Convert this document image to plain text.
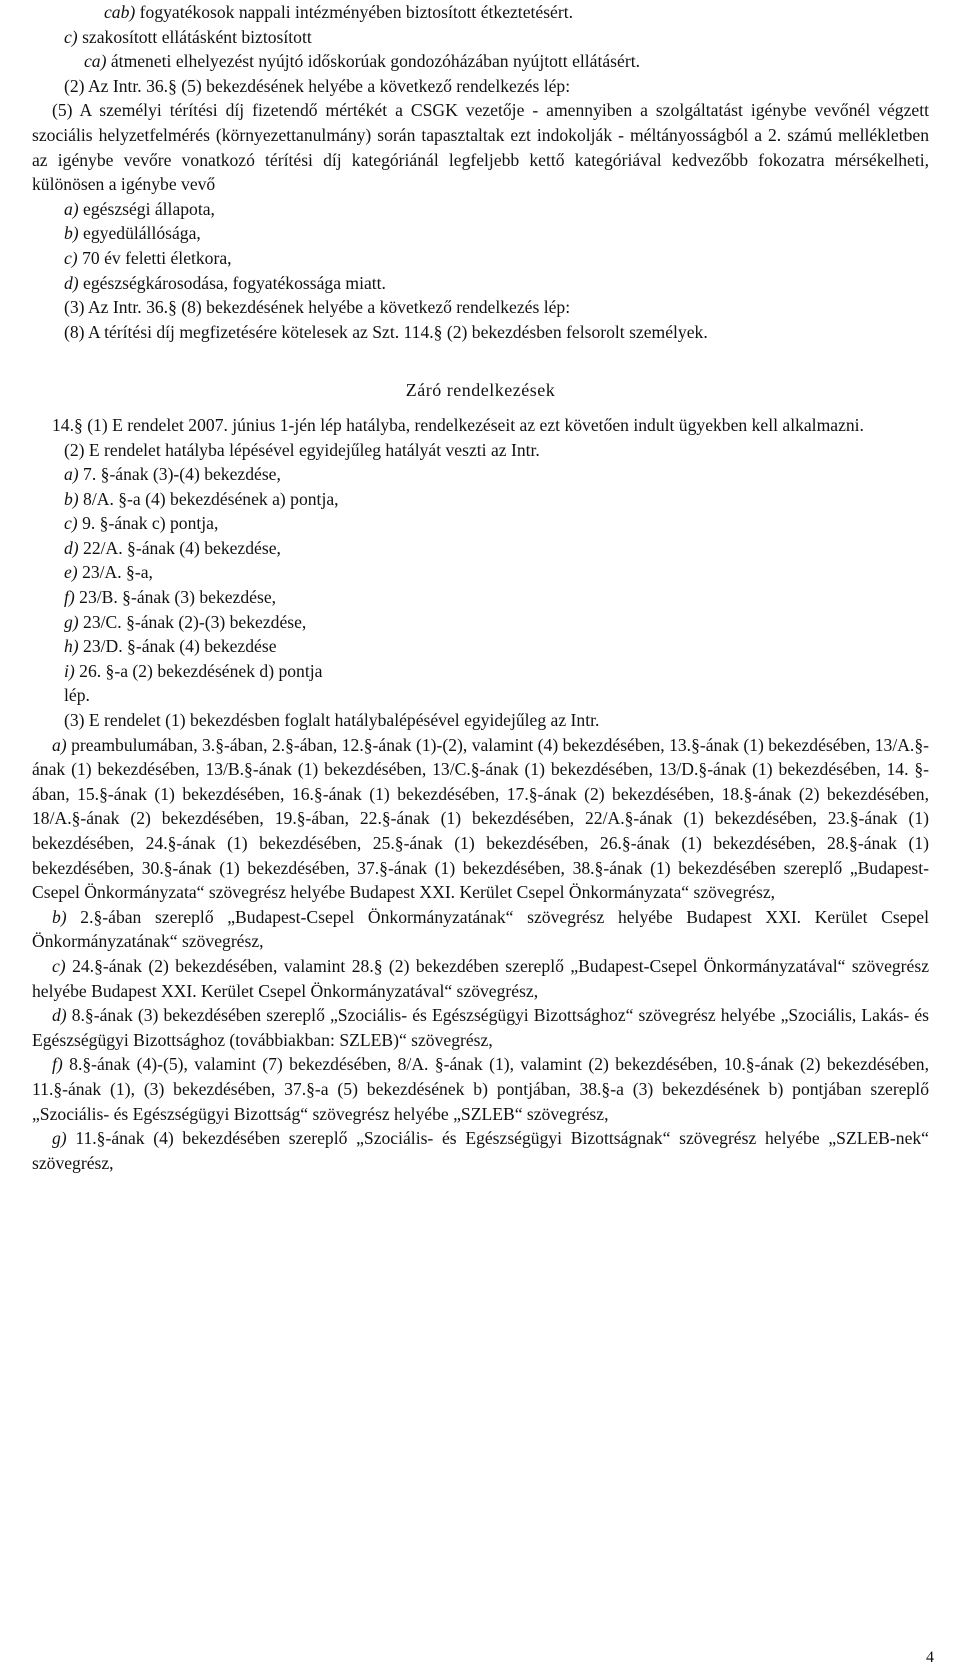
cab) fogyatékosok nappali intézményében biztosított étkeztetésért.
c) szakosított ellátásként biztosított
ca) átmeneti elhelyezést nyújtó időskorúak gondozóházában nyújtott ellátásért.
(2) Az Intr. 36.§ (5) bekezdésének helyébe a következő rendelkezés lép:

(5) A személyi térítési díj fizetendő mértékét a CSGK vezetője - amennyiben a szolgáltatást igénybe vevőnél végzett szociális helyzetfelmérés (környezettanulmány) során tapasztaltak ezt indokolják - méltányosságból a 2. számú mellékletben az igénybe vevőre vonatkozó térítési díj kategóriánál legfeljebb kettő kategóriával kedvezőbb fokozatra mérsékelheti, különösen a igénybe vevő

a) egészségi állapota,
b) egyedülállósága,
c) 70 év feletti életkora,
d) egészségkárosodása, fogyatékossága miatt.
(3) Az Intr. 36.§ (8) bekezdésének helyébe a következő rendelkezés lép:
(8) A térítési díj megfizetésére kötelesek az Szt. 114.§ (2) bekezdésben felsorolt személyek.
Záró rendelkezések

14.§ (1) E rendelet 2007. június 1-jén lép hatályba, rendelkezéseit az ezt követően indult ügyekben kell alkalmazni.

(2) E rendelet hatályba lépésével egyidejűleg hatályát veszti az Intr.
a) 7. §-ának (3)-(4) bekezdése,
b) 8/A. §-a (4) bekezdésének a) pontja,
c) 9. §-ának c) pontja,
d) 22/A. §-ának (4) bekezdése,
e) 23/A. §-a,
f) 23/B. §-ának (3) bekezdése,
g) 23/C. §-ának (2)-(3) bekezdése,
h) 23/D. §-ának (4) bekezdése
i) 26. §-a (2) bekezdésének d) pontja
lép.
(3) E rendelet (1) bekezdésben foglalt hatálybalépésével egyidejűleg az Intr.

a) preambulumában, 3.§-ában, 2.§-ában, 12.§-ának (1)-(2), valamint (4) bekezdésében, 13.§-ának (1) bekezdésében, 13/A.§-ának (1) bekezdésében, 13/B.§-ának (1) bekezdésében, 13/C.§-ának (1) bekezdésében, 13/D.§-ának (1) bekezdésében, 14. §-ában, 15.§-ának (1) bekezdésében, 16.§-ának (1) bekezdésében, 17.§-ának (2) bekezdésében, 18.§-ának (2) bekezdésében, 18/A.§-ának (2) bekezdésében, 19.§-ában, 22.§-ának (1) bekezdésében, 22/A.§-ának (1) bekezdésében, 23.§-ának (1) bekezdésében, 24.§-ának (1) bekezdésében, 25.§-ának (1) bekezdésében, 26.§-ának (1) bekezdésében, 28.§-ának (1) bekezdésében, 30.§-ának (1) bekezdésében, 37.§-ának (1) bekezdésében, 38.§-ának (1) bekezdésében szereplő „Budapest-Csepel Önkormányzata“ szövegrész helyébe Budapest XXI. Kerület Csepel Önkormányzata“ szövegrész,

b) 2.§-ában szereplő „Budapest-Csepel Önkormányzatának“ szövegrész helyébe Budapest XXI. Kerület Csepel Önkormányzatának“ szövegrész,

c) 24.§-ának (2) bekezdésében, valamint 28.§ (2) bekezdében szereplő „Budapest-Csepel Önkormányzatával“ szövegrész helyébe Budapest XXI. Kerület Csepel Önkormányzatával“ szövegrész,

d) 8.§-ának (3) bekezdésében szereplő „Szociális- és Egészségügyi Bizottsághoz“ szövegrész helyébe „Szociális, Lakás- és Egészségügyi Bizottsághoz (továbbiakban: SZLEB)“ szövegrész,

f) 8.§-ának (4)-(5), valamint (7) bekezdésében, 8/A. §-ának (1), valamint (2) bekezdésében, 10.§-ának (2) bekezdésében, 11.§-ának (1), (3) bekezdésében, 37.§-a (5) bekezdésének b) pontjában, 38.§-a (3) bekezdésének b) pontjában szereplő „Szociális- és Egészségügyi Bizottság“ szövegrész helyébe „SZLEB“ szövegrész,

g) 11.§-ának (4) bekezdésében szereplő „Szociális- és Egészségügyi Bizottságnak“ szövegrész helyébe „SZLEB-nek“ szövegrész,

4
